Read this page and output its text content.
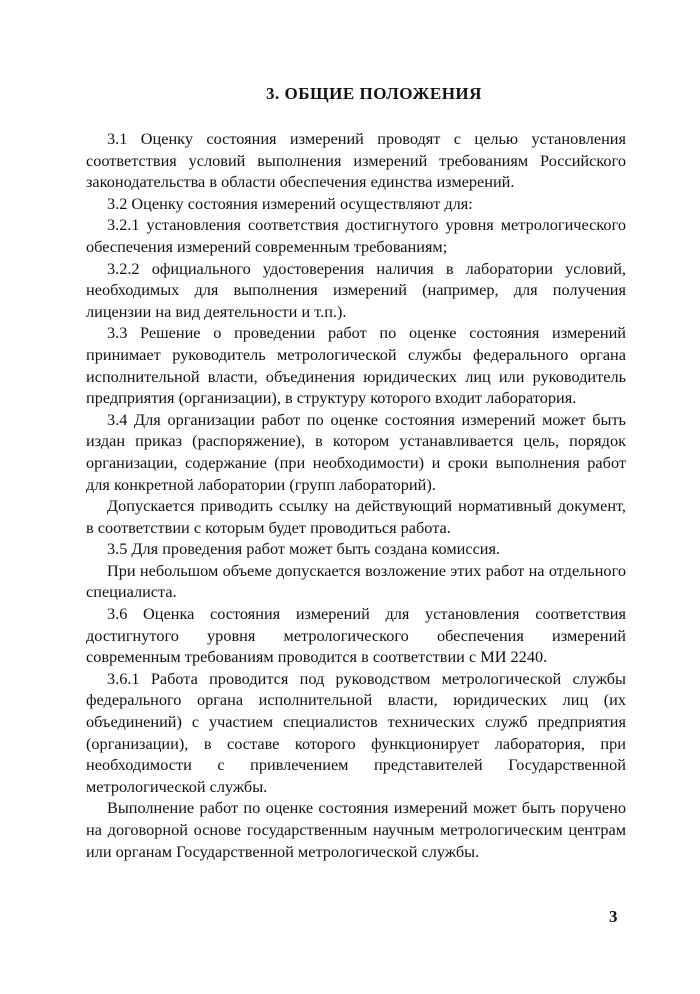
3. ОБЩИЕ ПОЛОЖЕНИЯ

3.1 Оценку состояния измерений проводят с целью установления соответствия условий выполнения измерений требованиям Российского законодательства в области обеспечения единства измерений.

3.2 Оценку состояния измерений осуществляют для:

3.2.1 установления соответствия достигнутого уровня метрологического обеспечения измерений современным требованиям;

3.2.2 официального удостоверения наличия в лаборатории условий, необходимых для выполнения измерений (например, для получения лицензии на вид деятельности и т.п.).

3.3 Решение о проведении работ по оценке состояния измерений принимает руководитель метрологической службы федерального органа исполнительной власти, объединения юридических лиц или руководитель предприятия (организации), в структуру которого входит лаборатория.

3.4 Для организации работ по оценке состояния измерений может быть издан приказ (распоряжение), в котором устанавливается цель, порядок организации, содержание (при необходимости) и сроки выполнения работ для конкретной лаборатории (групп лабораторий).

Допускается приводить ссылку на действующий нормативный документ, в соответствии с которым будет проводиться работа.

3.5 Для проведения работ может быть создана комиссия.

При небольшом объеме допускается возложение этих работ на отдельного специалиста.

3.6 Оценка состояния измерений для установления соответствия достигнутого уровня метрологического обеспечения измерений современным требованиям проводится в соответствии с МИ 2240.

3.6.1 Работа проводится под руководством метрологической службы федерального органа исполнительной власти, юридических лиц (их объединений) с участием специалистов технических служб предприятия (организации), в составе которого функционирует лаборатория, при необходимости с привлечением представителей Государственной метрологической службы.

Выполнение работ по оценке состояния измерений может быть поручено на договорной основе государственным научным метрологическим центрам или органам Государственной метрологической службы.

3
